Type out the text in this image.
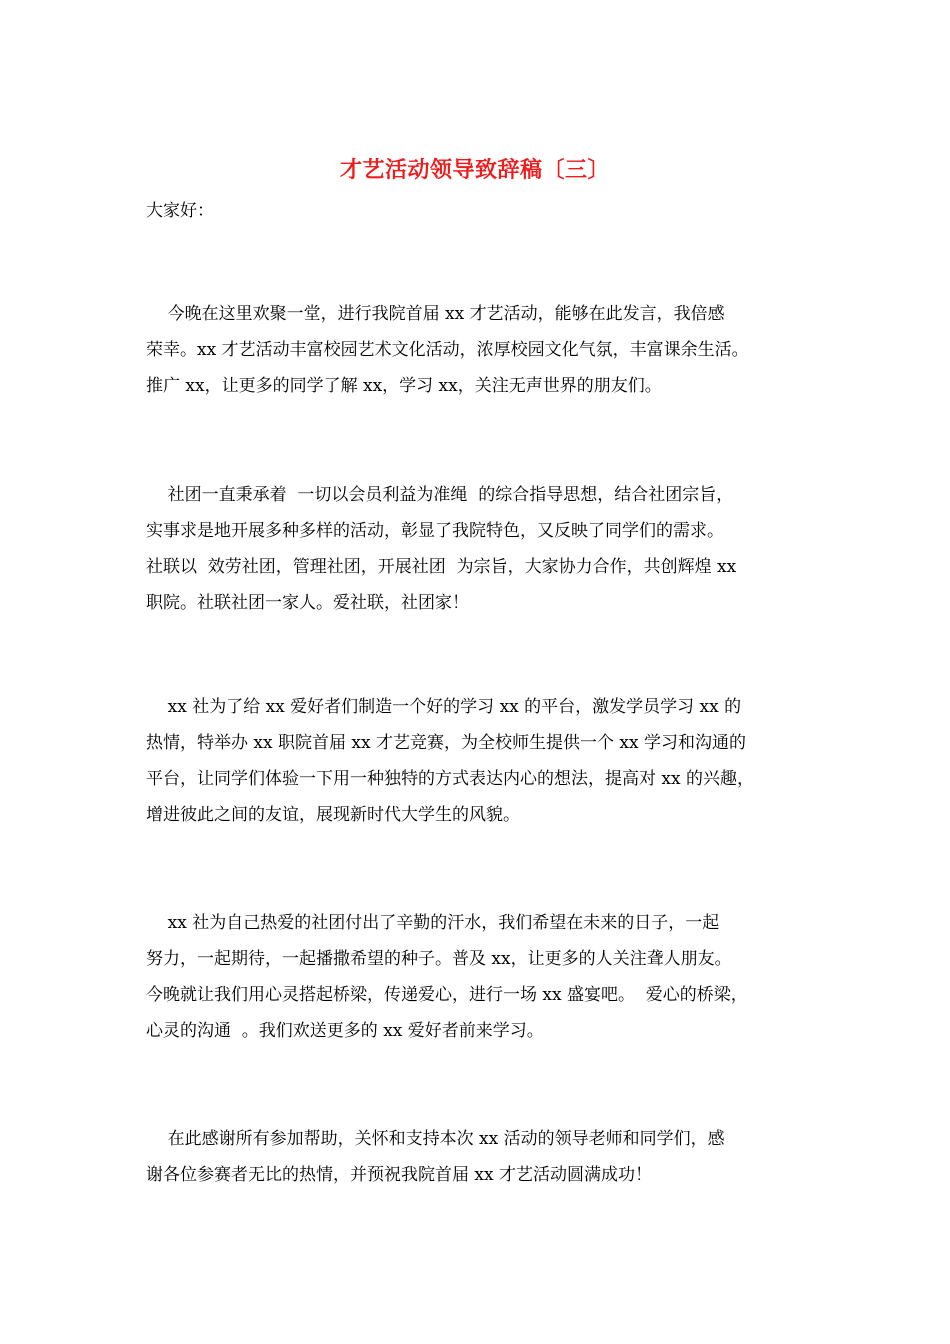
才艺活动领导致辞稿〔三〕
大家好：
今晚在这里欢聚一堂，进行我院首届 xx 才艺活动，能够在此发言，我倍感
荣幸。xx 才艺活动丰富校园艺术文化活动，浓厚校园文化气氛，丰富课余生活。
推广 xx，让更多的同学了解 xx，学习 xx，关注无声世界的朋友们。
社团一直秉承着  一切以会员利益为准绳  的综合指导思想，结合社团宗旨，
实事求是地开展多种多样的活动，彰显了我院特色，又反映了同学们的需求。
社联以  效劳社团，管理社团，开展社团  为宗旨，大家协力合作，共创辉煌 xx
职院。社联社团一家人。爱社联，社团家！
xx 社为了给 xx 爱好者们制造一个好的学习 xx 的平台，激发学员学习 xx 的
热情，特举办 xx 职院首届 xx 才艺竞赛，为全校师生提供一个 xx 学习和沟通的
平台，让同学们体验一下用一种独特的方式表达内心的想法，提高对 xx 的兴趣，
增进彼此之间的友谊，展现新时代大学生的风貌。
xx 社为自己热爱的社团付出了辛勤的汗水，我们希望在未来的日子，一起
努力，一起期待，一起播撒希望的种子。普及 xx，让更多的人关注聋人朋友。
今晚就让我们用心灵搭起桥梁，传递爱心，进行一场 xx 盛宴吧。  爱心的桥梁，
心灵的沟通  。我们欢送更多的 xx 爱好者前来学习。
在此感谢所有参加帮助，关怀和支持本次 xx 活动的领导老师和同学们，感
谢各位参赛者无比的热情，并预祝我院首届 xx 才艺活动圆满成功！
